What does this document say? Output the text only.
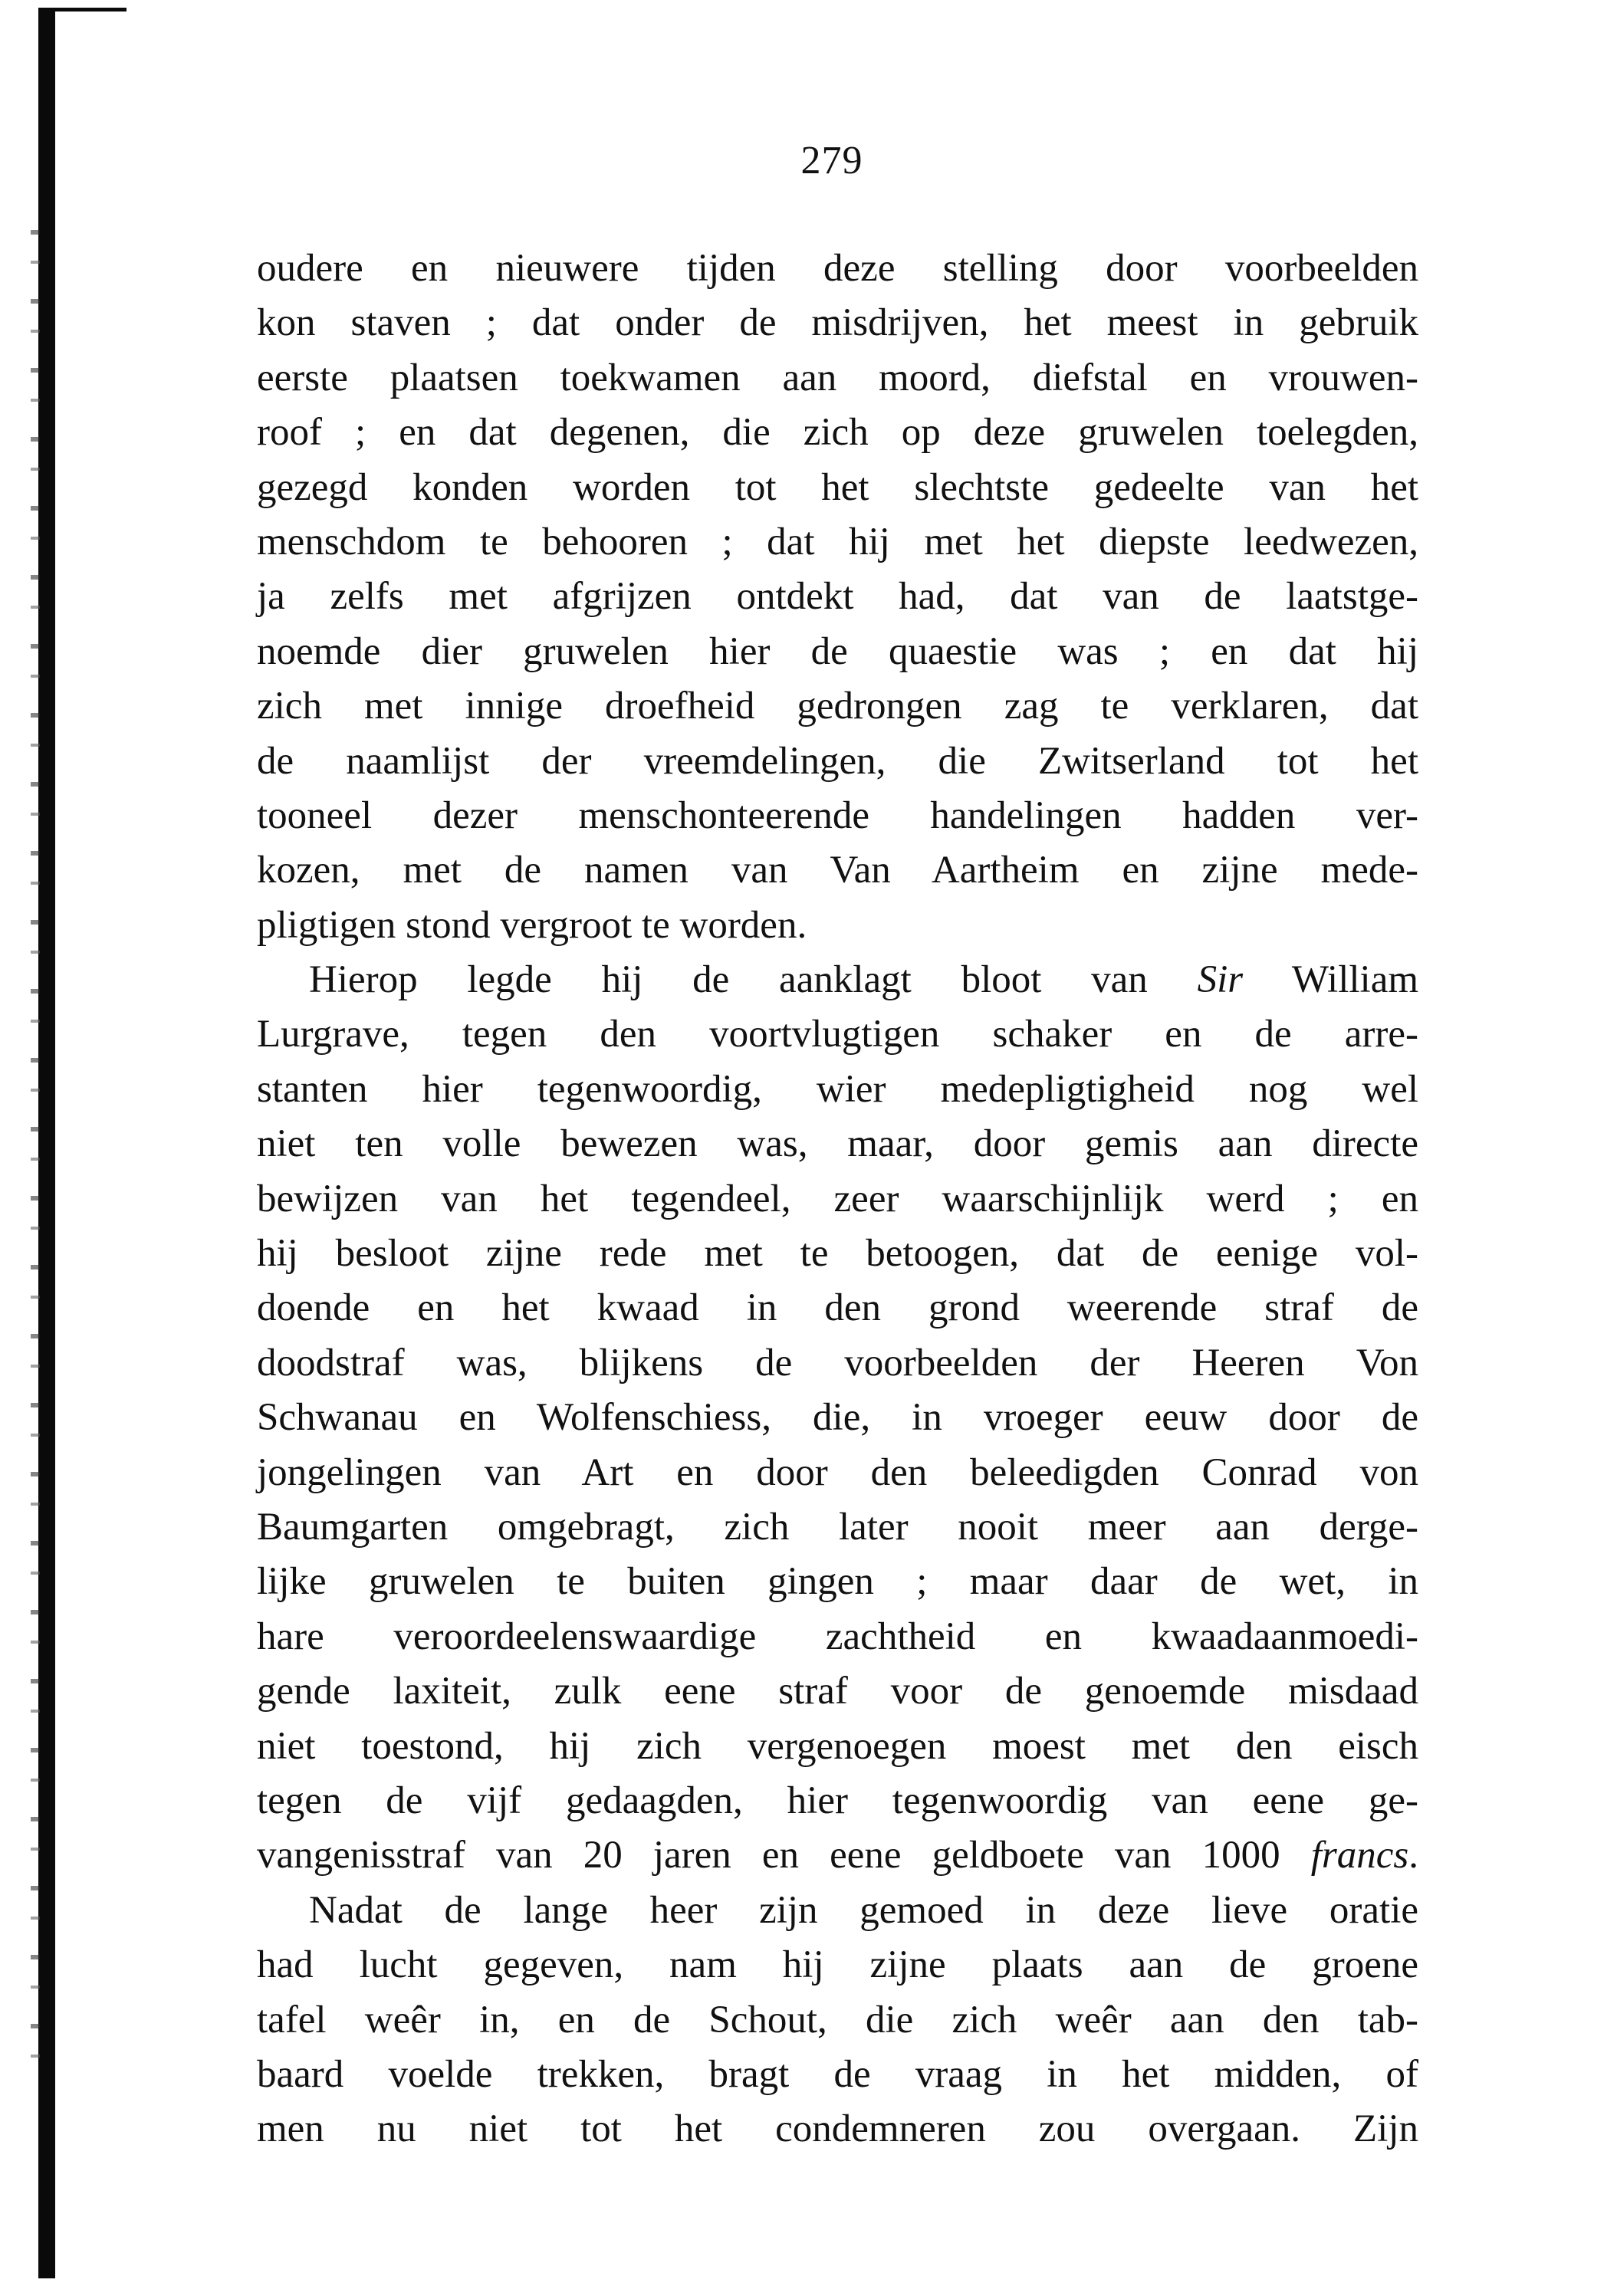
279
oudere en nieuwere tijden deze stelling door voorbeelden
kon staven ; dat onder de misdrijven, het meest in gebruik
eerste plaatsen toekwamen aan moord, diefstal en vrouwen-
roof ; en dat degenen, die zich op deze gruwelen toelegden,
gezegd konden worden tot het slechtste gedeelte van het
menschdom te behooren ; dat hij met het diepste leedwezen,
ja zelfs met afgrijzen ontdekt had, dat van de laatstge-
noemde dier gruwelen hier de quaestie was ; en dat hij
zich met innige droefheid gedrongen zag te verklaren, dat
de naamlijst der vreemdelingen, die Zwitserland tot het
tooneel dezer menschonteerende handelingen hadden ver-
kozen, met de namen van Van Aartheim en zijne mede-
pligtigen stond vergroot te worden.
Hierop legde hij de aanklagt bloot van Sir William
Lurgrave, tegen den voortvlugtigen schaker en de arre-
stanten hier tegenwoordig, wier medepligtigheid nog wel
niet ten volle bewezen was, maar, door gemis aan directe
bewijzen van het tegendeel, zeer waarschijnlijk werd ; en
hij besloot zijne rede met te betoogen, dat de eenige vol-
doende en het kwaad in den grond weerende straf de
doodstraf was, blijkens de voorbeelden der Heeren Von
Schwanau en Wolfenschiess, die, in vroeger eeuw door de
jongelingen van Art en door den beleedigden Conrad von
Baumgarten omgebragt, zich later nooit meer aan derge-
lijke gruwelen te buiten gingen ; maar daar de wet, in
hare veroordeelenswaardige zachtheid en kwaadaanmoedi-
gende laxiteit, zulk eene straf voor de genoemde misdaad
niet toestond, hij zich vergenoegen moest met den eisch
tegen de vijf gedaagden, hier tegenwoordig van eene ge-
vangenisstraf van 20 jaren en eene geldboete van 1000 francs.
Nadat de lange heer zijn gemoed in deze lieve oratie
had lucht gegeven, nam hij zijne plaats aan de groene
tafel weêr in, en de Schout, die zich weêr aan den tab-
baard voelde trekken, bragt de vraag in het midden, of
men nu niet tot het condemneren zou overgaan. Zijn
